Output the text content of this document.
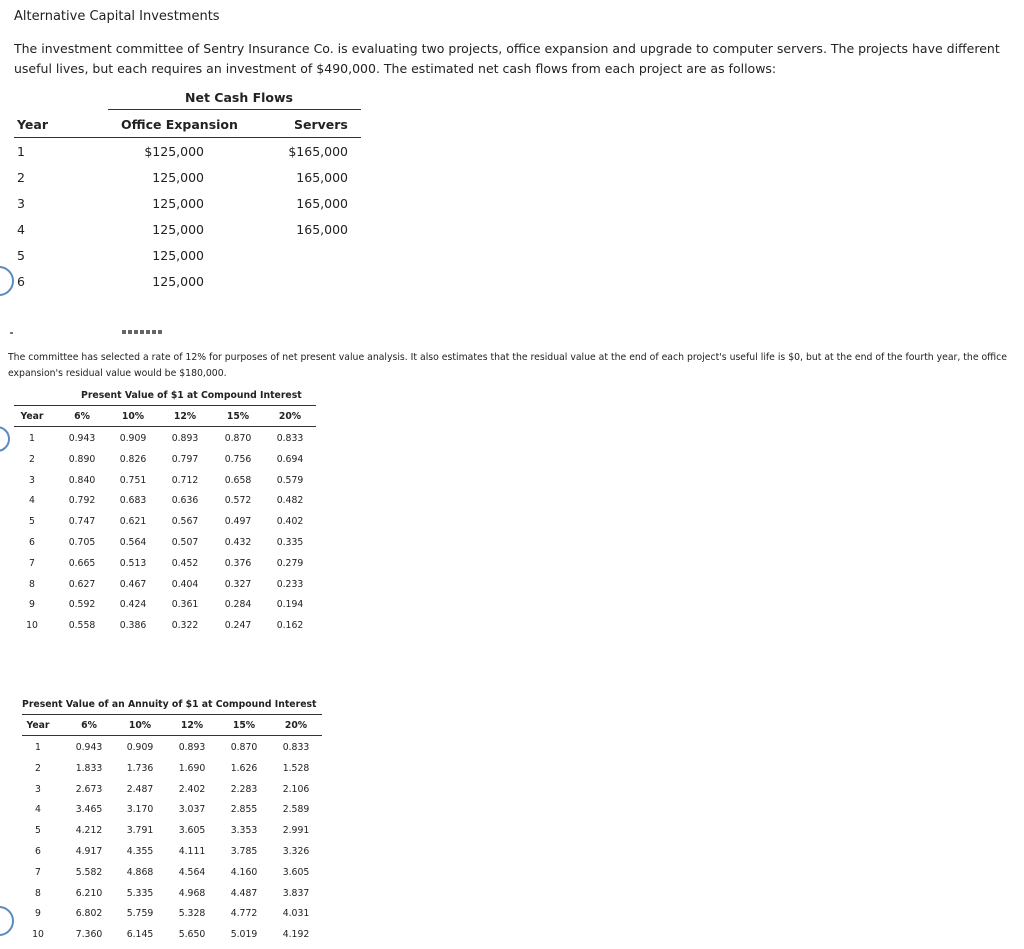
Alternative Capital Investments
The investment committee of Sentry Insurance Co. is evaluating two projects, office expansion and upgrade to computer servers. The projects have different useful lives, but each requires an investment of $490,000. The estimated net cash flows from each project are as follows:
Net Cash Flows
Year	Office Expansion	Servers
1	$125,000	$165,000
2	125,000	165,000
3	125,000	165,000
4	125,000	165,000
5	125,000
6	125,000
The committee has selected a rate of 12% for purposes of net present value analysis. It also estimates that the residual value at the end of each project's useful life is $0, but at the end of the fourth year, the office expansion's residual value would be $180,000.
Present Value of $1 at Compound Interest
Year	6%	10%	12%	15%	20%
1	0.943	0.909	0.893	0.870	0.833
2	0.890	0.826	0.797	0.756	0.694
3	0.840	0.751	0.712	0.658	0.579
4	0.792	0.683	0.636	0.572	0.482
5	0.747	0.621	0.567	0.497	0.402
6	0.705	0.564	0.507	0.432	0.335
7	0.665	0.513	0.452	0.376	0.279
8	0.627	0.467	0.404	0.327	0.233
9	0.592	0.424	0.361	0.284	0.194
10	0.558	0.386	0.322	0.247	0.162
Present Value of an Annuity of $1 at Compound Interest
Year	6%	10%	12%	15%	20%
1	0.943	0.909	0.893	0.870	0.833
2	1.833	1.736	1.690	1.626	1.528
3	2.673	2.487	2.402	2.283	2.106
4	3.465	3.170	3.037	2.855	2.589
5	4.212	3.791	3.605	3.353	2.991
6	4.917	4.355	4.111	3.785	3.326
7	5.582	4.868	4.564	4.160	3.605
8	6.210	5.335	4.968	4.487	3.837
9	6.802	5.759	5.328	4.772	4.031
10	7.360	6.145	5.650	5.019	4.192
